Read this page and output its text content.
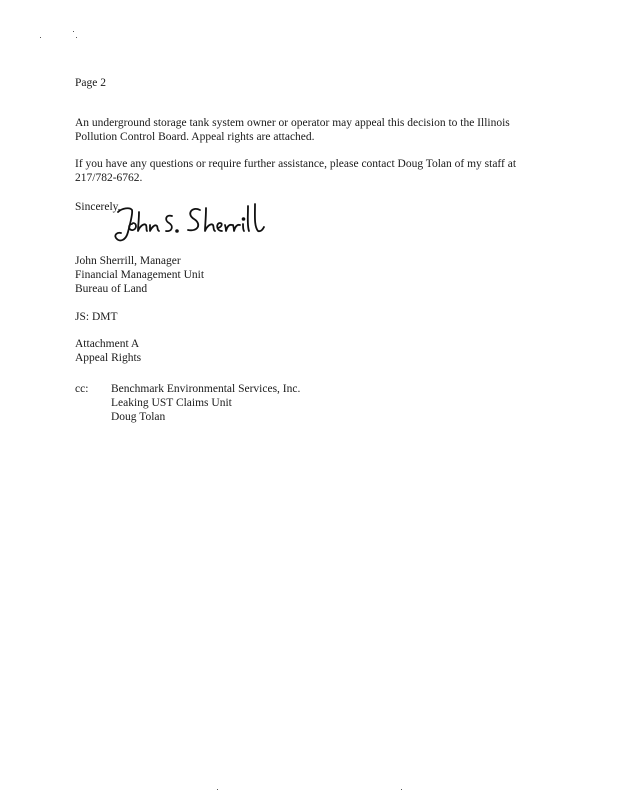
Page 2
An underground storage tank system owner or operator may appeal this decision to the Illinois
Pollution Control Board. Appeal rights are attached.
If you have any questions or require further assistance, please contact Doug Tolan of my staff at
217/782-6762.
Sincerely,
John Sherrill, Manager
Financial Management Unit
Bureau of Land
JS: DMT
Attachment A
Appeal Rights
cc: Benchmark Environmental Services, Inc.
Leaking UST Claims Unit
Doug Tolan
